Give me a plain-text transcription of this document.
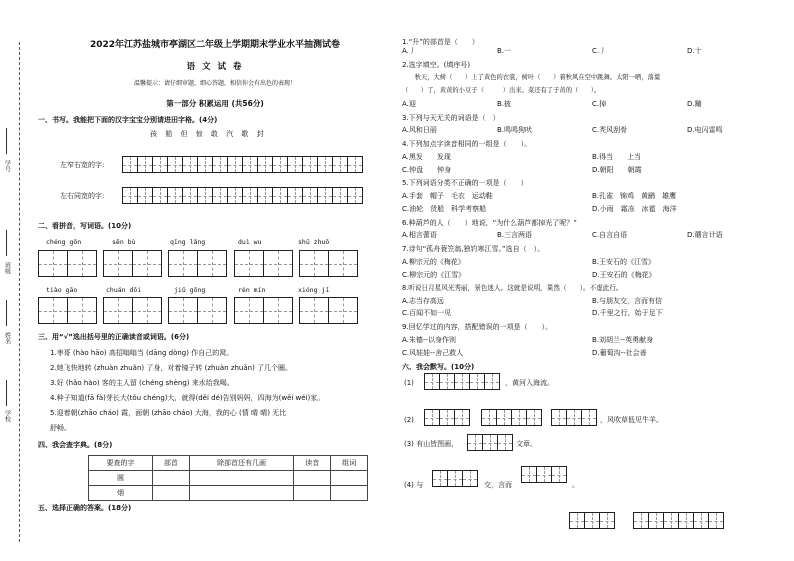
学号
班级
姓名
学校
2022年江苏盐城市亭湖区二年级上学期期末学业水平抽测试卷
语 文 试 卷
温馨提示：请仔细审题，细心答题，相信你会有出色的表现！
第一部分 积累运用 (共56分)
一、书写。我能把下面的汉字宝宝分别请进田字格。(4分)
孩 船 但 惊 敢 汽 歌 封
左窄右宽的字:
左右同宽的字:
二、看拼音，写词语。(10分)
chéng gōn	sēn bù	qīng lǎng	duì wu	shū zhuō

tiào gāo	chuán dōi	jiǔ gōng	rén mín	xióng jī

三、用“√”选出括号里的正确读音或词语。(6分)
1.枣哥 (hào hāo) 高招嗡嗡当 (dāng dòng) 作自己的窝。
2.她飞快地转 (zhuàn zhuǎn) 了身，对着镜子转 (zhuàn zhuǎn) 了几个圈。
3.好 (hǎo hào) 客的主人留 (chéng shèng) 来水给我喝。
4.种子知道(fā fà)芽长大(tǒu chéng)大，就得(děi dé)告别妈妈，四海为(wěi wéi)家。
5.迎着朝(zhāo cháo) 霞，面朝 (zhāo cháo) 大海，我的心 (情 晴 晴) 无比
舒畅。
四、我会查字典。(8分)
要查的字	部首	除部首还有几画	读音	组词
圆				
烟				
五、选择正确的答案。(18分)
1.“升”的部首是（　　）
A.丿	B.一	C.丿	D.十
2.选字填空。(填序号)
　　秋天，大树（　　）上了黄色的衣裳，树叶（　　）着秋风在空中跳舞。太阳一晒，落葉
（　　）了，黄黄的小豆子（　　　）出来。菜还有了子黄的（　　）。
A.迎	B.披	C.掉	D.蹦
3.下列与天无关的词语是（　）
A.风和日丽	B.鸣鸣狗吠	C.秃风刮骨	D.电闪雷鸣
4.下列加点字读音相同的一组是（　　）。
A.黑发　　发现	B.得当　　上当
C.钟盘　　钟身	D.朝阳　　朝霞
5.下列词语分类不正确的一项是（　　）
A.手套　帽子　毛衣　运动鞋	B.孔雀　锦鸡　黄鹂　雄鹰
C.油轮　货船　科学考察船	D.小雨　霜冻　冰雹　海洋
6.种葫芦的人（　　）地说，“为什么葫芦都掉光了呢？”
A.相言蕾语	B.三言两语	C.自言自语	D.蘑言计语
7.诗句“孤舟蓑笠翁,独钓寒江雪。”选自（　）。
A.柳宗元的《梅花》	B.王安石的《江雪》
C.柳宗元的《江雪》	D.王安石的《梅花》
8.听说日月星风光秀丽，景色迷人。这就是说明，果然（　　）。不虚此行。
A.志当存高远	B.与朋友交，言而有信
C.百闻不如一见	D.千里之行，始于足下
9.回忆学过的内容，搭配错误的一项是（　　）。
A.朱德--以身作则	B.刘胡兰--英勇献身
C.风娃娃--舍己救人	D.葡萄沟--社会善
六、我会默写。(10分)
(1)	，黄河入海流。
(2)	，风吹草低见牛羊。
(3) 有山皆图画，	文章。
(4) 与	交，言而	。
